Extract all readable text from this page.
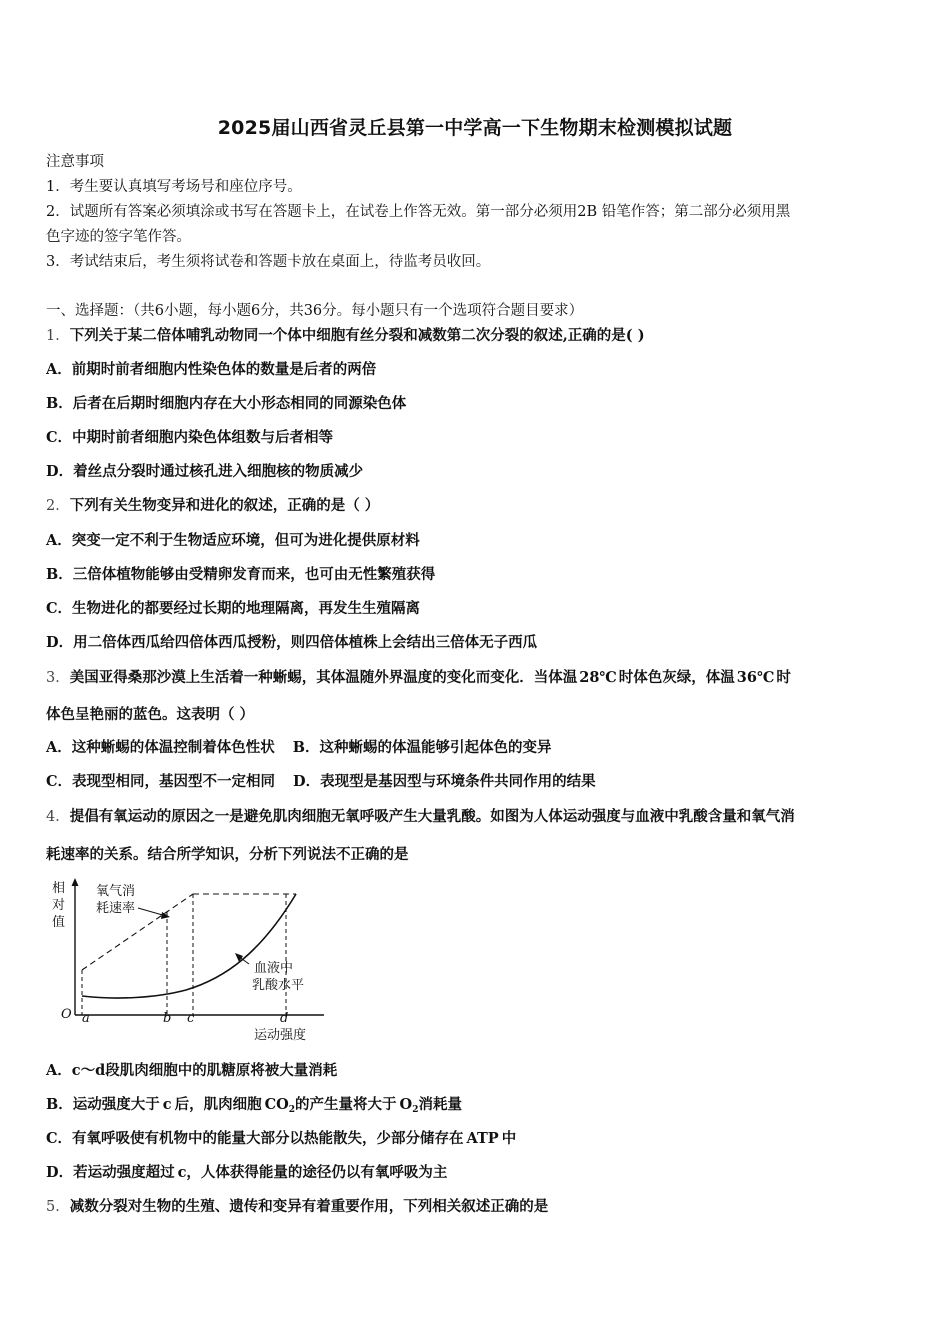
2025届山西省灵丘县第一中学高一下生物期末检测模拟试题
注意事项
1．考生要认真填写考场号和座位序号。
2．试题所有答案必须填涂或书写在答题卡上，在试卷上作答无效。第一部分必须用2B 铅笔作答；第二部分必须用黑
色字迹的签字笔作答。
3．考试结束后，考生须将试卷和答题卡放在桌面上，待监考员收回。
一、选择题：（共6小题，每小题6分，共36分。每小题只有一个选项符合题目要求）
1．下列关于某二倍体哺乳动物同一个体中细胞有丝分裂和减数第二次分裂的叙述,正确的是( )
A．前期时前者细胞内性染色体的数量是后者的两倍
B．后者在后期时细胞内存在大小形态相同的同源染色体
C．中期时前者细胞内染色体组数与后者相等
D．着丝点分裂时通过核孔进入细胞核的物质减少
2．下列有关生物变异和进化的叙述，正确的是（ ）
A．突变一定不利于生物适应环境，但可为进化提供原材料
B．三倍体植物能够由受精卵发育而来，也可由无性繁殖获得
C．生物进化的都要经过长期的地理隔离，再发生生殖隔离
D．用二倍体西瓜给四倍体西瓜授粉，则四倍体植株上会结出三倍体无子西瓜
3．美国亚得桑那沙漠上生活着一种蜥蜴，其体温随外界温度的变化而变化．当体温 28℃ 时体色灰绿，体温 36℃ 时
体色呈艳丽的蓝色。这表明（ ）
A．这种蜥蜴的体温控制着体色性状 B．这种蜥蜴的体温能够引起体色的变异
C．表现型相同，基因型不一定相同 D．表现型是基因型与环境条件共同作用的结果
4．提倡有氧运动的原因之一是避免肌肉细胞无氧呼吸产生大量乳酸。如图为人体运动强度与血液中乳酸含量和氧气消
耗速率的关系。结合所学知识，分析下列说法不正确的是
相
对
值
氧气消
耗速率
血液中
乳酸水平
O a	b c	d
运动强度
A．c～d段肌肉细胞中的肌糖原将被大量消耗
B．运动强度大于 c 后，肌肉细胞 $CO_2$的产生量将大于 $O_2$消耗量
C．有氧呼吸使有机物中的能量大部分以热能散失，少部分储存在 ATP 中
D．若运动强度超过 c，人体获得能量的途径仍以有氧呼吸为主
5．减数分裂对生物的生殖、遗传和变异有着重要作用，下列相关叙述正确的是
